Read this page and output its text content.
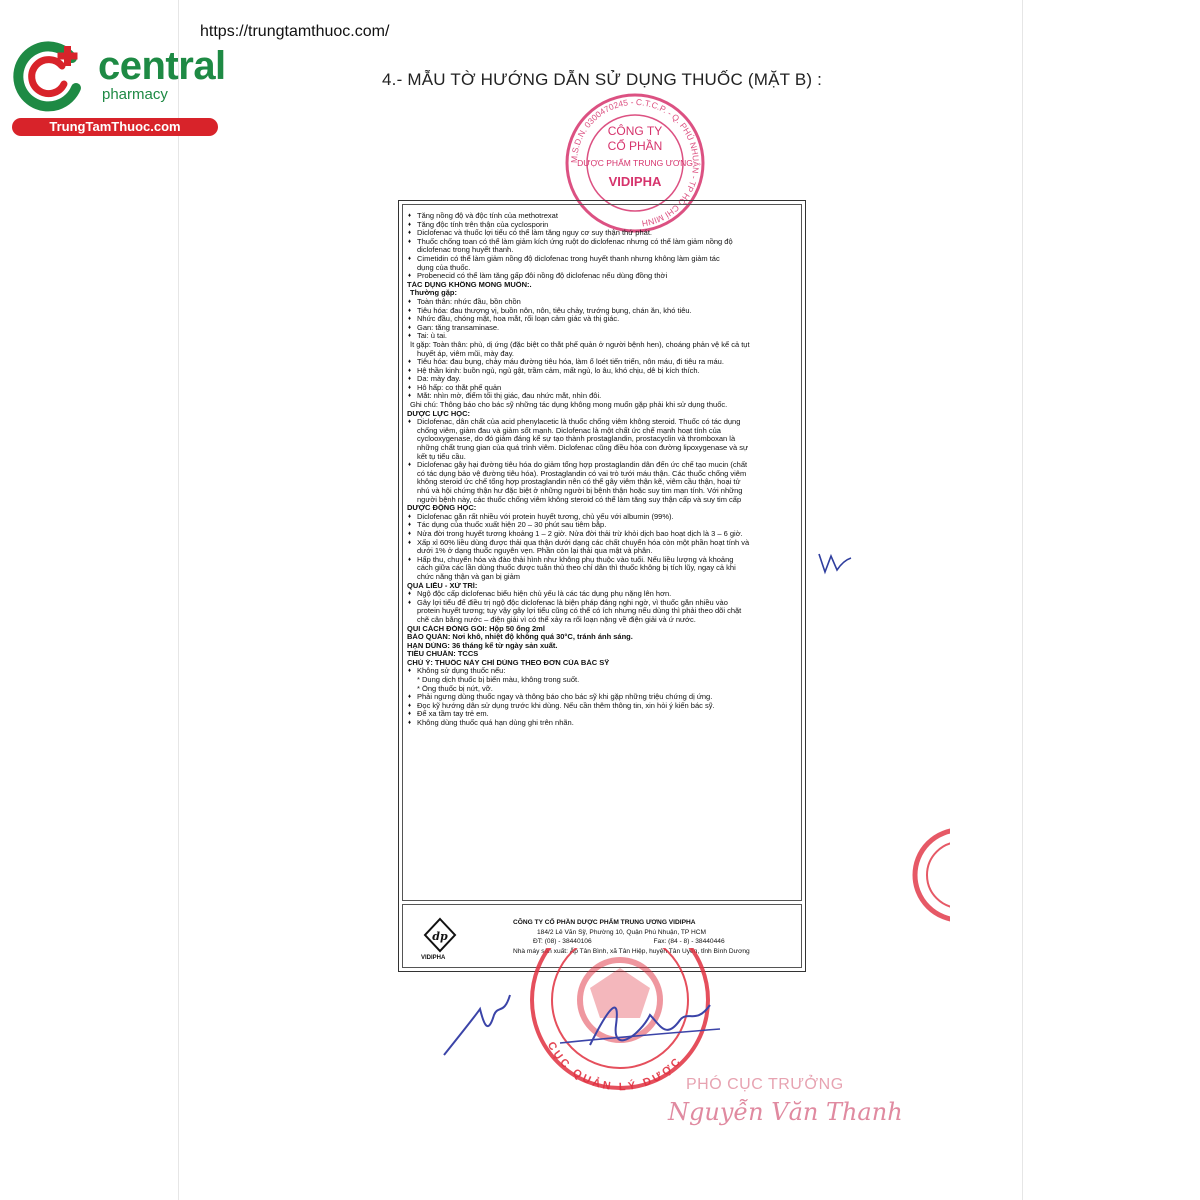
central
pharmacy
TrungTamThuoc.com
https://trungtamthuoc.com/
4.- MẪU TỜ HƯỚNG DẪN SỬ DỤNG THUỐC (MẶT B) :
M.S.D.N. 0300470245 - C.T.C.P. - Q. PHÚ NHUẬN - TP HỒ CHÍ MINH
CÔNG TY
CỔ PHẦN
DƯỢC PHẨM TRUNG ƯƠNG
VIDIPHA
♦ Tăng nồng độ và độc tính của methotrexat
♦ Tăng độc tính trên thận của cyclosporin
♦ Diclofenac và thuốc lợi tiểu có thể làm tăng nguy cơ suy thận thứ phát.
♦ Thuốc chống toan có thể làm giảm kích ứng ruột do diclofenac nhưng có thể làm giảm nồng độ
diclofenac trong huyết thanh.
♦ Cimetidin có thể làm giảm nồng độ diclofenac trong huyết thanh nhưng không làm giảm tác
dụng của thuốc.
♦ Probenecid có thể làm tăng gấp đôi nồng độ diclofenac nếu dùng đồng thời
TÁC DỤNG KHÔNG MONG MUỐN:.
Thường gặp:
♦ Toàn thân: nhức đầu, bồn chồn
♦ Tiêu hóa: đau thượng vị, buồn nôn, nôn, tiêu chảy, trướng bụng, chán ăn, khó tiêu.
♦ Nhức đầu, chóng mặt, hoa mắt, rối loạn cảm giác và thị giác.
♦ Gan: tăng transaminase.
♦ Tai: ù tai.
Ít gặp: Toàn thân: phù, dị ứng (đặc biệt co thắt phế quản ở người bệnh hen), choáng phản vệ kể cả tụt
huyết áp, viêm mũi, mày đay.
♦ Tiêu hóa: đau bụng, chảy máu đường tiêu hóa, làm ổ loét tiến triển, nôn máu, đi tiêu ra máu.
♦ Hệ thần kinh: buồn ngủ, ngủ gật, trầm cảm, mất ngủ, lo âu, khó chịu, dễ bị kích thích.
♦ Da: mày đay.
♦ Hô hấp: co thắt phế quản
♦ Mắt: nhìn mờ, điểm tối thị giác, đau nhức mắt, nhìn đôi.
Ghi chú: Thông báo cho bác sỹ những tác dụng không mong muốn gặp phải khi sử dụng thuốc.
DƯỢC LỰC HỌC:
♦ Diclofenac, dẫn chất của acid phenylacetic là thuốc chống viêm không steroid. Thuốc có tác dụng
chống viêm, giảm đau và giảm sốt mạnh. Diclofenac là một chất ức chế mạnh hoạt tính của
cyclooxygenase, do đó giảm đáng kể sự tạo thành prostaglandin, prostacyclin và thromboxan là
những chất trung gian của quá trình viêm. Diclofenac cũng điều hòa con đường lipoxygenase và sự
kết tụ tiểu cầu.
♦ Diclofenac gây hại đường tiêu hóa do giảm tổng hợp prostaglandin dẫn đến ức chế tạo mucin (chất
có tác dụng bảo vệ đường tiêu hóa). Prostaglandin có vai trò tưới máu thận. Các thuốc chống viêm
không steroid ức chế tổng hợp prostaglandin nên có thể gây viêm thận kẽ, viêm cầu thận, hoại tử
nhú và hội chứng thận hư đặc biệt ở những người bị bệnh thận hoặc suy tim mạn tính. Với những
người bệnh này, các thuốc chống viêm không steroid có thể làm tăng suy thận cấp và suy tim cấp
DƯỢC ĐỘNG HỌC:
♦ Diclofenac gắn rất nhiều với protein huyết tương, chủ yếu với albumin (99%).
♦ Tác dụng của thuốc xuất hiện 20 – 30 phút sau tiêm bắp.
♦ Nửa đời trong huyết tương khoảng 1 – 2 giờ. Nửa đời thải trừ khỏi dịch bao hoạt dịch là 3 – 6 giờ.
♦ Xấp xỉ 60% liều dùng được thải qua thận dưới dạng các chất chuyển hóa còn một phần hoạt tính và
dưới 1% ở dạng thuốc nguyên vẹn. Phần còn lại thải qua mật và phân.
♦ Hấp thu, chuyển hóa và đào thải hình như không phụ thuộc vào tuổi. Nếu liều lượng và khoảng
cách giữa các lần dùng thuốc được tuân thủ theo chỉ dẫn thì thuốc không bị tích lũy, ngay cả khi
chức năng thận và gan bị giảm
QUÁ LIỀU - XỬ TRÍ:
♦ Ngộ độc cấp diclofenac biểu hiện chủ yếu là các tác dụng phụ nặng lên hơn.
♦ Gây lợi tiểu để điều trị ngộ độc diclofenac là biện pháp đáng nghi ngờ, vì thuốc gắn nhiều vào
protein huyết tương; tuy vậy gây lợi tiểu cũng có thể có ích nhưng nếu dùng thì phải theo dõi chặt
chẽ cân bằng nước – điện giải vì có thể xảy ra rối loạn nặng về điện giải và ứ nước.
QUI CÁCH ĐÓNG GÓI: Hộp 50 ống 2ml
BẢO QUẢN: Nơi khô, nhiệt độ không quá 30°C, tránh ánh sáng.
HẠN DÙNG: 36 tháng kể từ ngày sản xuất.
TIÊU CHUẨN: TCCS
CHÚ Ý: THUỐC NÀY CHỈ DÙNG THEO ĐƠN CỦA BÁC SỸ
♦ Không sử dụng thuốc nếu:
* Dung dịch thuốc bị biến màu, không trong suốt.
* Ống thuốc bị nứt, vỡ.
♦ Phải ngưng dùng thuốc ngay và thông báo cho bác sỹ khi gặp những triệu chứng dị ứng.
♦ Đọc kỹ hướng dẫn sử dụng trước khi dùng. Nếu cần thêm thông tin, xin hỏi ý kiến bác sỹ.
♦ Để xa tầm tay trẻ em.
♦ Không dùng thuốc quá hạn dùng ghi trên nhãn.
dp
VIDIPHA
CÔNG TY CỔ PHẦN DƯỢC PHẨM TRUNG ƯƠNG VIDIPHA
184/2 Lê Văn Sỹ, Phường 10, Quận Phú Nhuận, TP HCM
ĐT: (08) - 38440106	Fax: (84 - 8) - 38440446
Nhà máy sản xuất: Ấp Tân Bình, xã Tân Hiệp, huyện Tân Uyên, tỉnh Bình Dương
CỤC QUẢN LÝ DƯỢC
PHÓ CỤC TRƯỞNG
Nguyễn Văn Thanh
